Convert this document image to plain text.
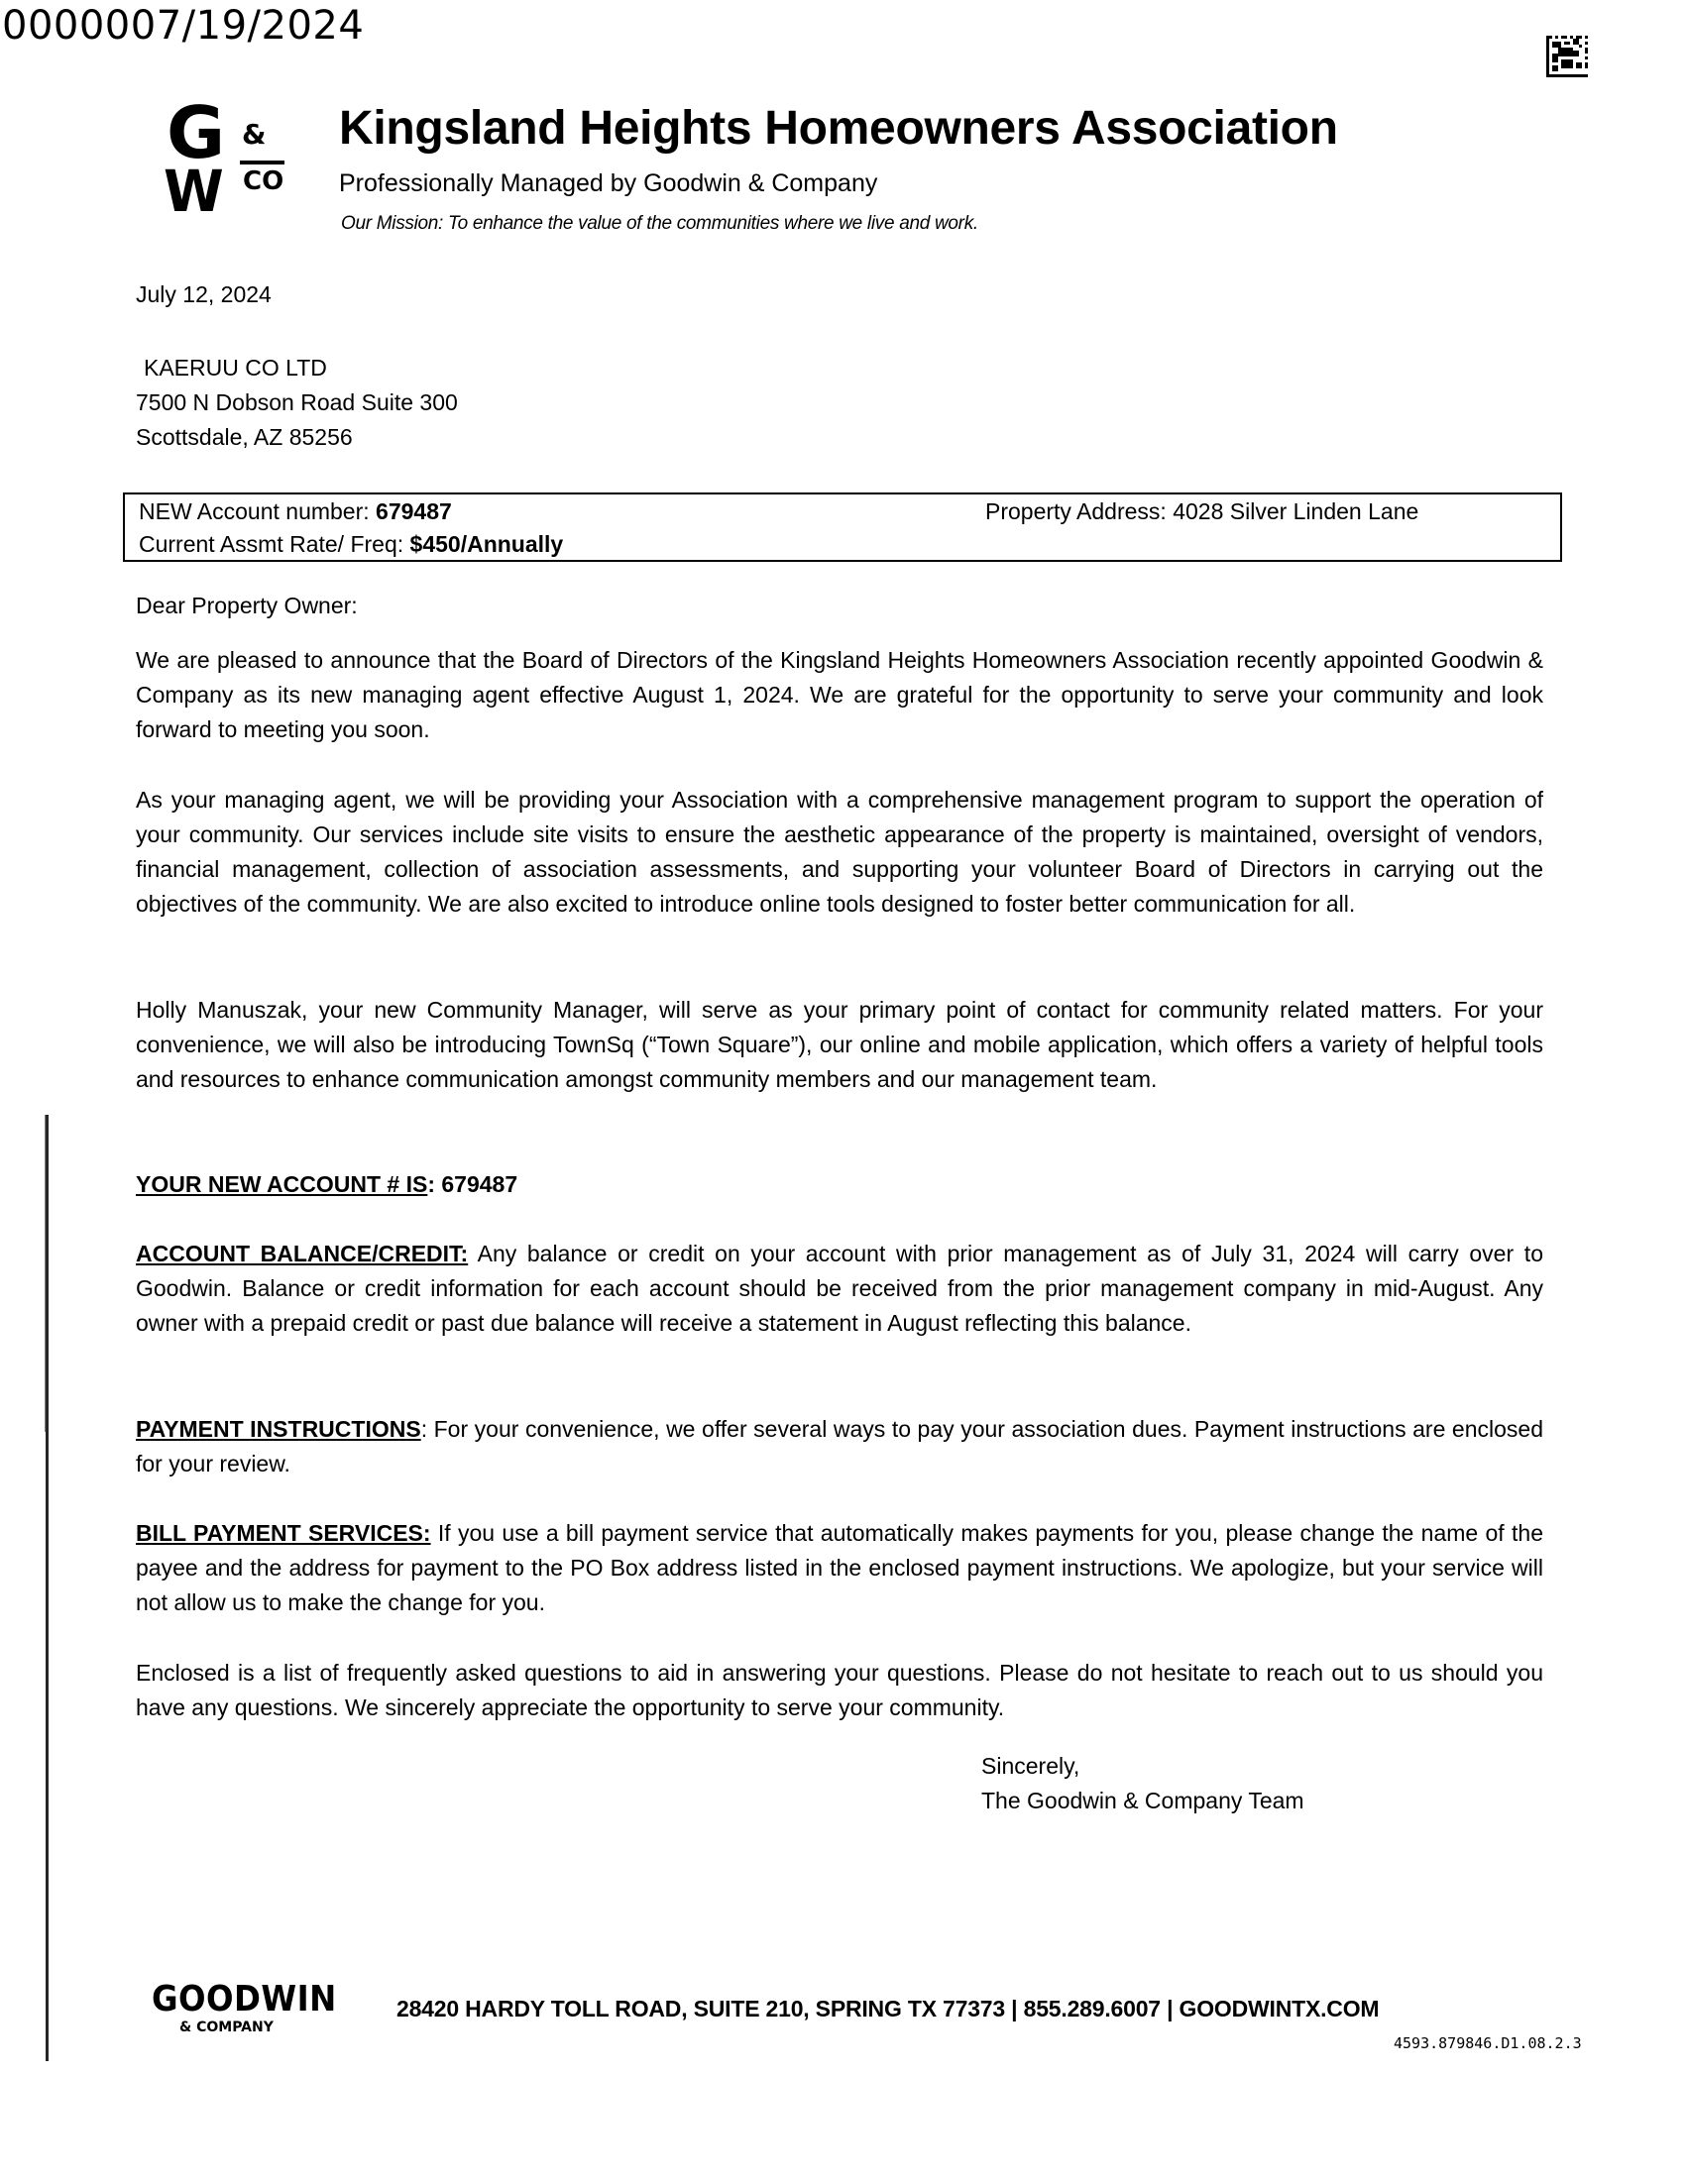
0000007/19/2024
G &
W CO
Kingsland Heights Homeowners Association
Professionally Managed by Goodwin & Company
Our Mission: To enhance the value of the communities where we live and work.
July 12, 2024
KAERUU CO LTD
7500 N Dobson Road Suite 300
Scottsdale, AZ 85256
NEW Account number: 679487
Current Assmt Rate/ Freq: $450/Annually
Property Address: 4028 Silver Linden Lane
Dear Property Owner:

We are pleased to announce that the Board of Directors of the Kingsland Heights Homeowners Association recently appointed Goodwin & Company as its new managing agent effective August 1, 2024. We are grateful for the opportunity to serve your community and look forward to meeting you soon.

As your managing agent, we will be providing your Association with a comprehensive management program to support the operation of your community. Our services include site visits to ensure the aesthetic appearance of the property is maintained, oversight of vendors, financial management, collection of association assessments, and supporting your volunteer Board of Directors in carrying out the objectives of the community. We are also excited to introduce online tools designed to foster better communication for all.

Holly Manuszak, your new Community Manager, will serve as your primary point of contact for community related matters. For your convenience, we will also be introducing TownSq (“Town Square”), our online and mobile application, which offers a variety of helpful tools and resources to enhance communication amongst community members and our management team.

YOUR NEW ACCOUNT # IS: 679487

ACCOUNT BALANCE/CREDIT: Any balance or credit on your account with prior management as of July 31, 2024 will carry over to Goodwin. Balance or credit information for each account should be received from the prior management company in mid-August. Any owner with a prepaid credit or past due balance will receive a statement in August reflecting this balance.

PAYMENT INSTRUCTIONS: For your convenience, we offer several ways to pay your association dues. Payment instructions are enclosed for your review.

BILL PAYMENT SERVICES: If you use a bill payment service that automatically makes payments for you, please change the name of the payee and the address for payment to the PO Box address listed in the enclosed payment instructions. We apologize, but your service will not allow us to make the change for you.

Enclosed is a list of frequently asked questions to aid in answering your questions. Please do not hesitate to reach out to us should you have any questions. We sincerely appreciate the opportunity to serve your community.

Sincerely,
The Goodwin & Company Team
GOODWIN
& COMPANY
28420 HARDY TOLL ROAD, SUITE 210, SPRING TX 77373 | 855.289.6007 | GOODWINTX.COM
4593.879846.D1.08.2.3
